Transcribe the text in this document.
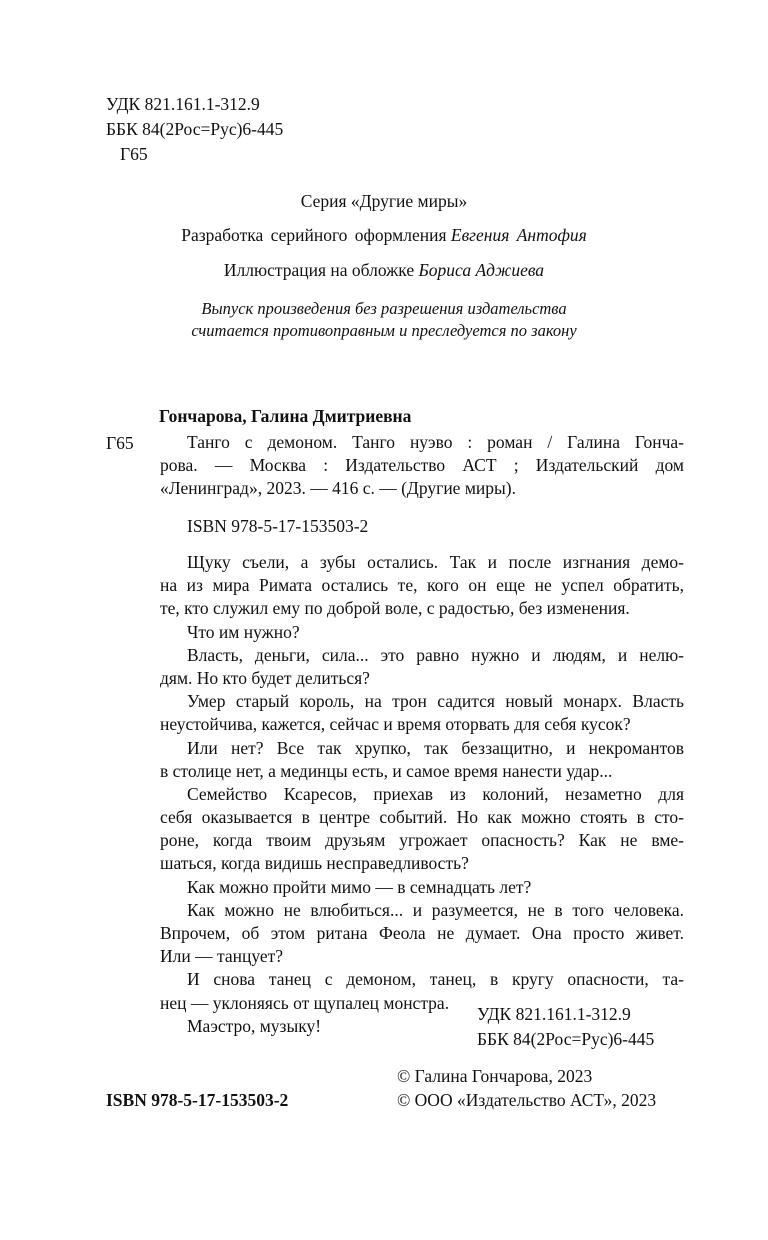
УДК 821.161.1-312.9
ББК 84(2Рос=Рус)6-445
Г65
Серия «Другие миры»
Разработка серийного оформления Евгения Антофия
Иллюстрация на обложке Бориса Аджиева
Выпуск произведения без разрешения издательства
считается противоправным и преследуется по закону
Гончарова, Галина Дмитриевна
Г65	Танго с демоном. Танго нуэво : роман / Галина Гонча-
рова. — Москва : Издательство АСТ ; Издательский дом
«Ленинград», 2023. — 416 с. — (Другие миры).
ISBN 978-5-17-153503-2
Щуку съели, а зубы остались. Так и после изгнания демо-
на из мира Римата остались те, кого он еще не успел обратить,
те, кто служил ему по доброй воле, с радостью, без изменения.
Что им нужно?
Власть, деньги, сила... это равно нужно и людям, и нелю-
дям. Но кто будет делиться?
Умер старый король, на трон садится новый монарх. Власть
неустойчива, кажется, сейчас и время оторвать для себя кусок?
Или нет? Все так хрупко, так беззащитно, и некромантов
в столице нет, а мединцы есть, и самое время нанести удар...
Семейство Ксаресов, приехав из колоний, незаметно для
себя оказывается в центре событий. Но как можно стоять в сто-
роне, когда твоим друзьям угрожает опасность? Как не вме-
шаться, когда видишь несправедливость?
Как можно пройти мимо — в семнадцать лет?
Как можно не влюбиться... и разумеется, не в того человека.
Впрочем, об этом ритана Феола не думает. Она просто живет.
Или — танцует?
И снова танец с демоном, танец, в кругу опасности, та-
нец — уклоняясь от щупалец монстра.
Маэстро, музыку!
УДК 821.161.1-312.9
ББК 84(2Рос=Рус)6-445
© Галина Гончарова, 2023
ISBN 978-5-17-153503-2	© ООО «Издательство АСТ», 2023
